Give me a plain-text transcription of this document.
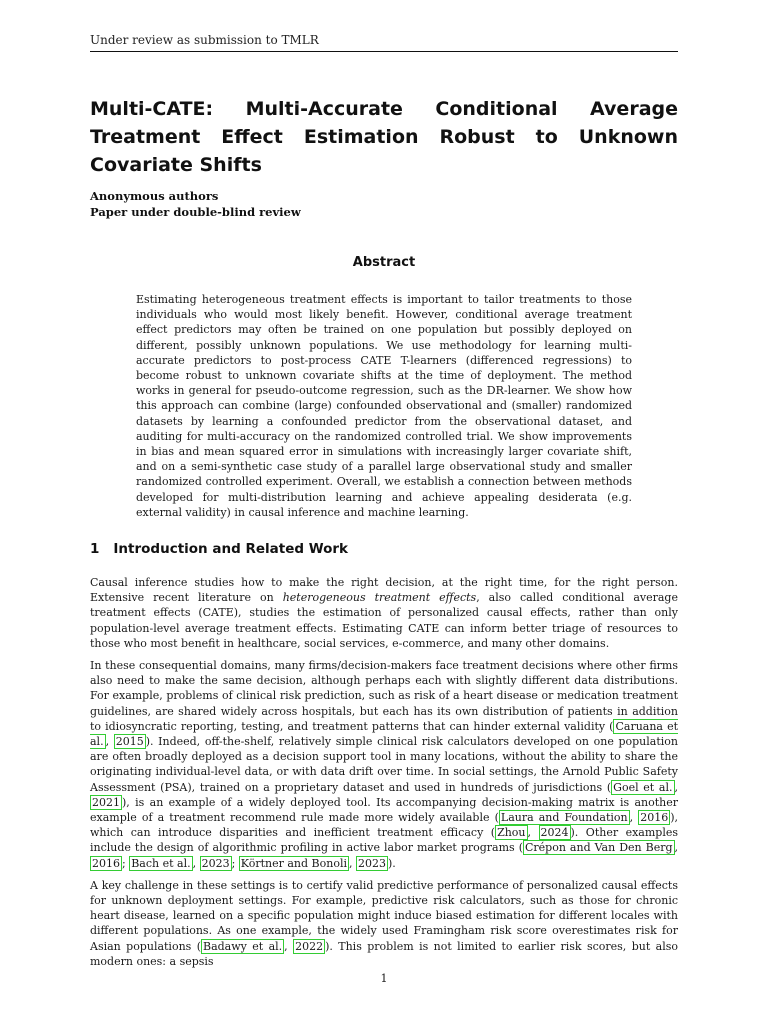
Under review as submission to TMLR
Multi-CATE: Multi-Accurate Conditional Average Treatment Effect Estimation Robust to Unknown Covariate Shifts
Anonymous authors
Paper under double-blind review
Abstract

Estimating heterogeneous treatment effects is important to tailor treatments to those individuals who would most likely benefit. However, conditional average treatment effect predictors may often be trained on one population but possibly deployed on different, possibly unknown populations. We use methodology for learning multi-accurate predictors to post-process CATE T-learners (differenced regressions) to become robust to unknown covariate shifts at the time of deployment. The method works in general for pseudo-outcome regression, such as the DR-learner. We show how this approach can combine (large) confounded observational and (smaller) randomized datasets by learning a confounded predictor from the observational dataset, and auditing for multi-accuracy on the randomized controlled trial. We show improvements in bias and mean squared error in simulations with increasingly larger covariate shift, and on a semi-synthetic case study of a parallel large observational study and smaller randomized controlled experiment. Overall, we establish a connection between methods developed for multi-distribution learning and achieve appealing desiderata (e.g. external validity) in causal inference and machine learning.

1 Introduction and Related Work

Causal inference studies how to make the right decision, at the right time, for the right person. Extensive recent literature on heterogeneous treatment effects, also called conditional average treatment effects (CATE), studies the estimation of personalized causal effects, rather than only population-level average treatment effects. Estimating CATE can inform better triage of resources to those who most benefit in healthcare, social services, e-commerce, and many other domains.

In these consequential domains, many firms/decision-makers face treatment decisions where other firms also need to make the same decision, although perhaps each with slightly different data distributions. For example, problems of clinical risk prediction, such as risk of a heart disease or medication treatment guidelines, are shared widely across hospitals, but each has its own distribution of patients in addition to idiosyncratic reporting, testing, and treatment patterns that can hinder external validity ( Caruana et al. , 2015 ). Indeed, off-the-shelf, relatively simple clinical risk calculators developed on one population are often broadly deployed as a decision support tool in many locations, without the ability to share the originating individual-level data, or with data drift over time. In social settings, the Arnold Public Safety Assessment (PSA), trained on a proprietary dataset and used in hundreds of jurisdictions ( Goel et al. , 2021 ), is an example of a widely deployed tool. Its accompanying decision-making matrix is another example of a treatment recommend rule made more widely available ( Laura and Foundation , 2016 ), which can introduce disparities and inefficient treatment efficacy ( Zhou , 2024 ). Other examples include the design of algorithmic profiling in active labor market programs ( Crépon and Van Den Berg , 2016 ; Bach et al. , 2023 ; Körtner and Bonoli , 2023 ).

A key challenge in these settings is to certify valid predictive performance of personalized causal effects for unknown deployment settings. For example, predictive risk calculators, such as those for chronic heart disease, learned on a specific population might induce biased estimation for different locales with different populations. As one example, the widely used Framingham risk score overestimates risk for Asian populations ( Badawy et al. , 2022 ). This problem is not limited to earlier risk scores, but also modern ones: a sepsis

1
